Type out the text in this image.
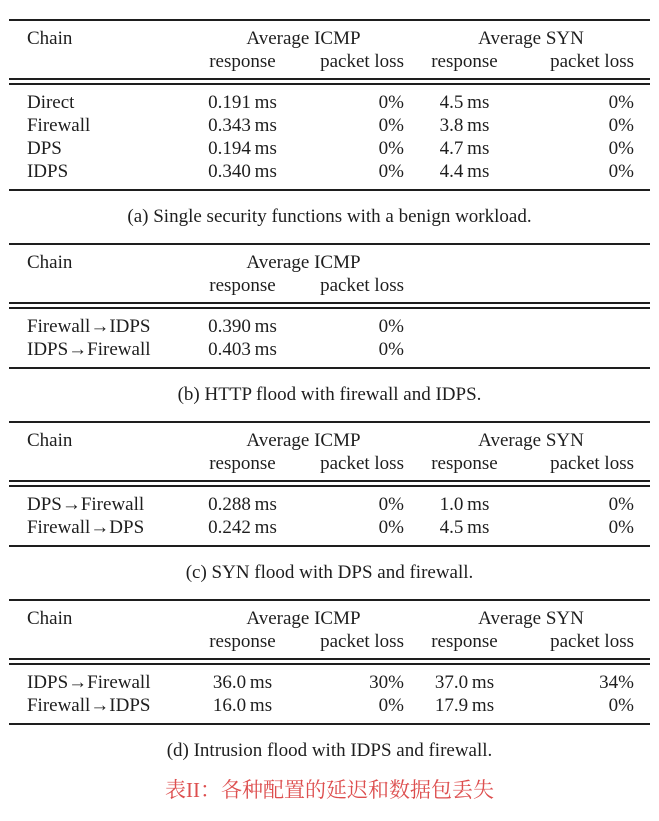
Chain	Average ICMP		Average SYN	
	response	packet loss	response	packet loss
Direct	0.191 ms	0%	4.5 ms	0%
Firewall	0.343 ms	0%	3.8 ms	0%
DPS	0.194 ms	0%	4.7 ms	0%
IDPS	0.340 ms	0%	4.4 ms	0%
(a) Single security functions with a benign workload.
Chain	Average ICMP			
	response	packet loss		
Firewall→IDPS	0.390 ms	0%		
IDPS→Firewall	0.403 ms	0%		
(b) HTTP flood with firewall and IDPS.
Chain	Average ICMP		Average SYN	
	response	packet loss	response	packet loss
DPS→Firewall	0.288 ms	0%	1.0 ms	0%
Firewall→DPS	0.242 ms	0%	4.5 ms	0%
(c) SYN flood with DPS and firewall.
Chain	Average ICMP		Average SYN	
	response	packet loss	response	packet loss
IDPS→Firewall	36.0 ms	30%	37.0 ms	34%
Firewall→IDPS	16.0 ms	0%	17.9 ms	0%
(d) Intrusion flood with IDPS and firewall.
表II：各种配置的延迟和数据包丢失
